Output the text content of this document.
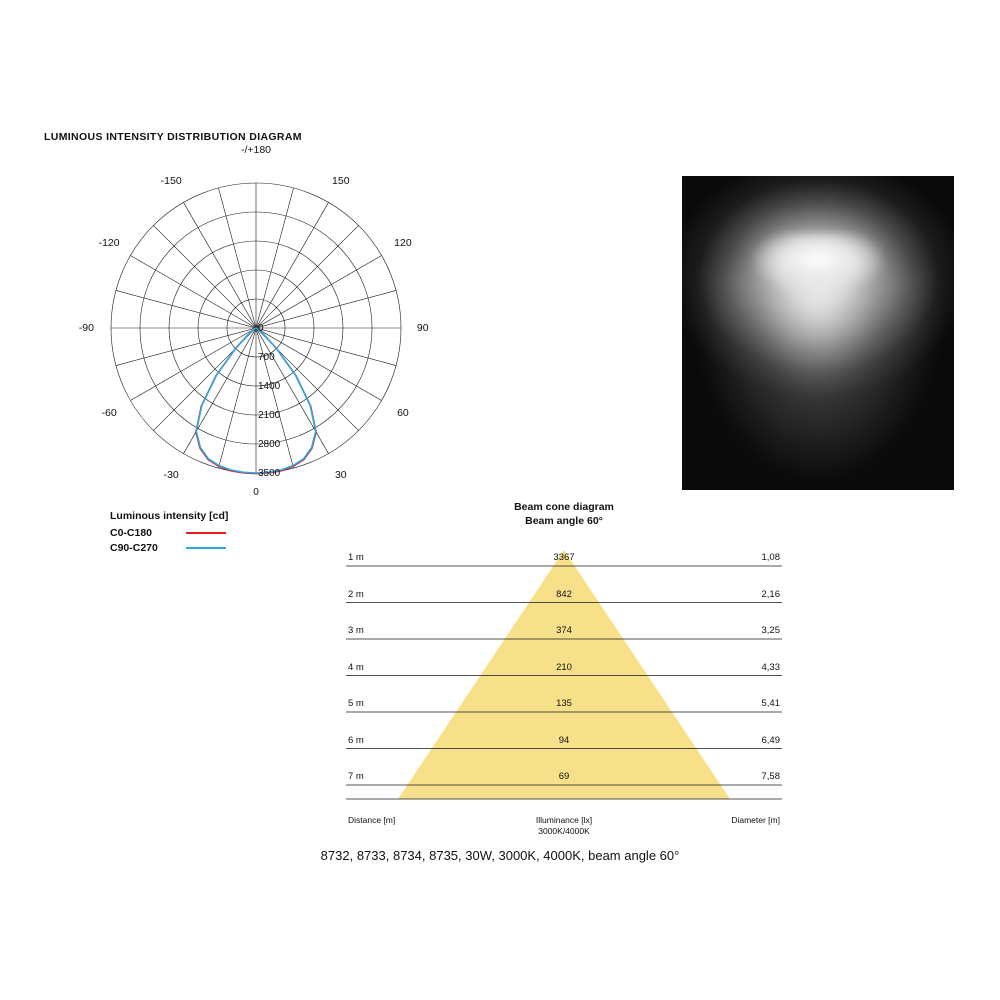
LUMINOUS INTENSITY DISTRIBUTION DIAGRAM
700
1400
2100
2800
3500
0
0
-/+180
-150	150
-120	120
-90	90
-60	60
-30	30
Luminous intensity [cd]
C0-C180
C90-C270
Beam cone diagram
Beam angle 60°
1 m	3367	1,08
2 m	842	2,16
3 m	374	3,25
4 m	210	4,33
5 m	135	5,41
6 m	94	6,49
7 m	69	7,58
Distance [m]	Illuminance [lx]
3000K/4000K
Diameter [m]
8732, 8733, 8734, 8735, 30W, 3000K, 4000K, beam angle 60°
